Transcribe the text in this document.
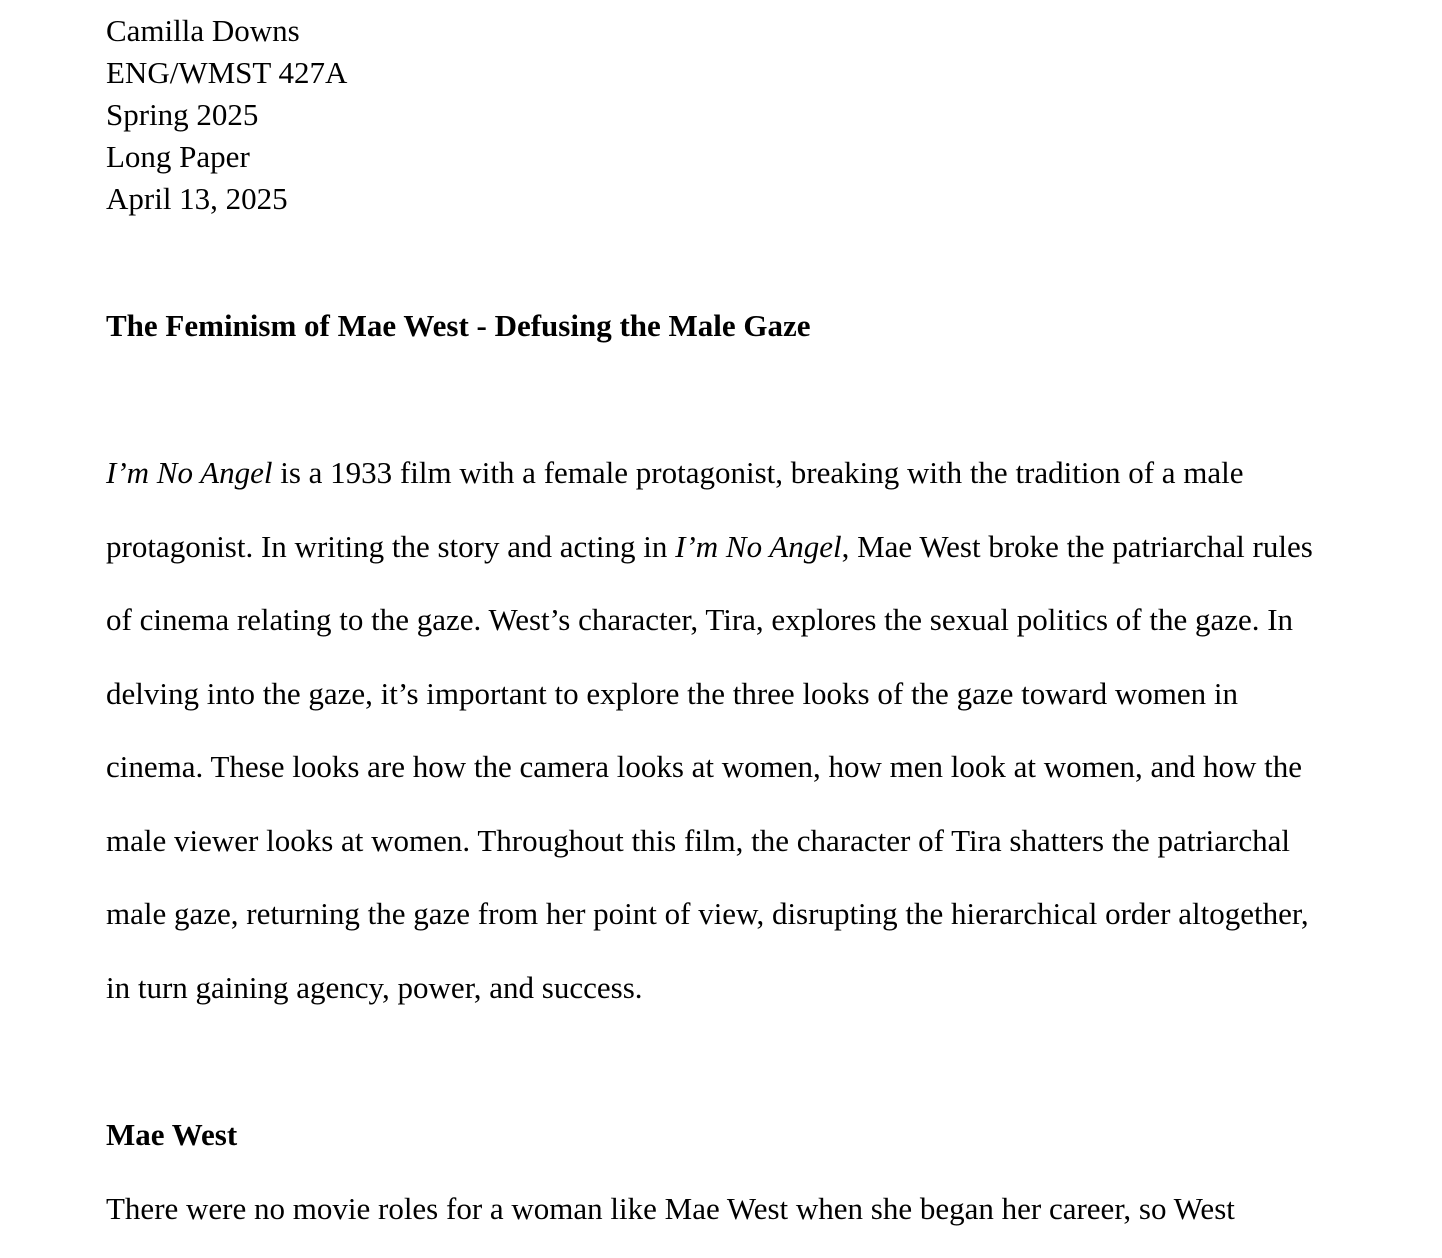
Camilla Downs
ENG/WMST 427A
Spring 2025
Long Paper
April 13, 2025
The Feminism of Mae West - Defusing the Male Gaze

I’m No Angel is a 1933 film with a female protagonist, breaking with the tradition of a male
protagonist. In writing the story and acting in I’m No Angel, Mae West broke the patriarchal rules
of cinema relating to the gaze. West’s character, Tira, explores the sexual politics of the gaze. In
delving into the gaze, it’s important to explore the three looks of the gaze toward women in
cinema. These looks are how the camera looks at women, how men look at women, and how the
male viewer looks at women. Throughout this film, the character of Tira shatters the patriarchal
male gaze, returning the gaze from her point of view, disrupting the hierarchical order altogether,
in turn gaining agency, power, and success.

Mae West

There were no movie roles for a woman like Mae West when she began her career, so West
